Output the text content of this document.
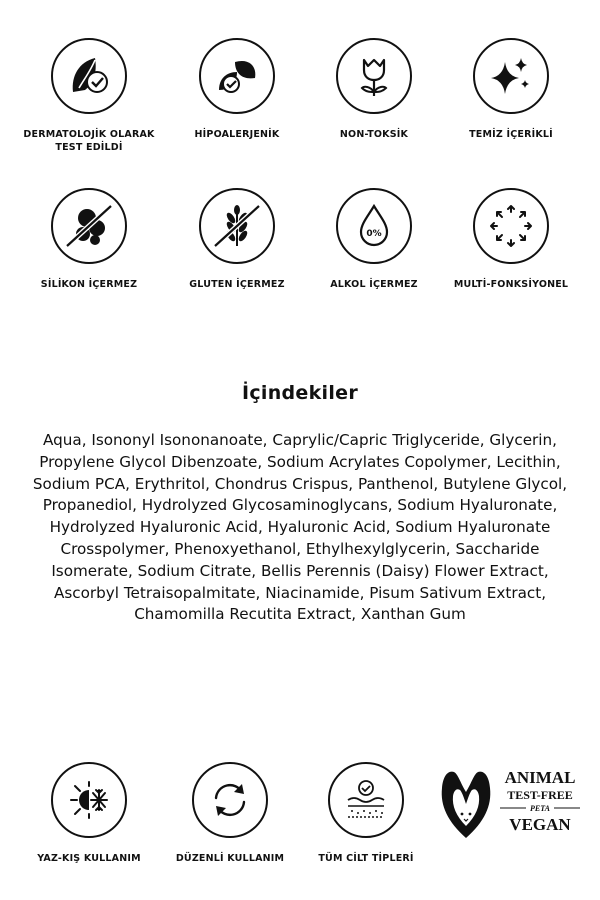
DERMATOLOJİK OLARAK TEST EDİLDİ
HİPOALERJENİK	NON-TOKSİK	TEMİZ İÇERİKLİ
SİLİKON İÇERMEZ	GLUTEN İÇERMEZ
0%
ALKOL İÇERMEZ	MULTİ-FONKSİYONEL
İçindekiler
Aqua, Isononyl Isononanoate, Caprylic/Capric Triglyceride, Glycerin, Propylene Glycol Dibenzoate, Sodium Acrylates Copolymer, Lecithin, Sodium PCA, Erythritol, Chondrus Crispus, Panthenol, Butylene Glycol, Propanediol, Hydrolyzed Glycosaminoglycans, Sodium Hyaluronate, Hydrolyzed Hyaluronic Acid, Hyaluronic Acid, Sodium Hyaluronate Crosspolymer, Phenoxyethanol, Ethylhexylglycerin, Saccharide Isomerate, Sodium Citrate, Bellis Perennis (Daisy) Flower Extract, Ascorbyl Tetraisopalmitate, Niacinamide, Pisum Sativum Extract, Chamomilla Recutita Extract, Xanthan Gum
YAZ-KIŞ KULLANIM	DÜZENLİ KULLANIM	TÜM CİLT TİPLERİ
ANIMAL
TEST-FREE
PETA
VEGAN
